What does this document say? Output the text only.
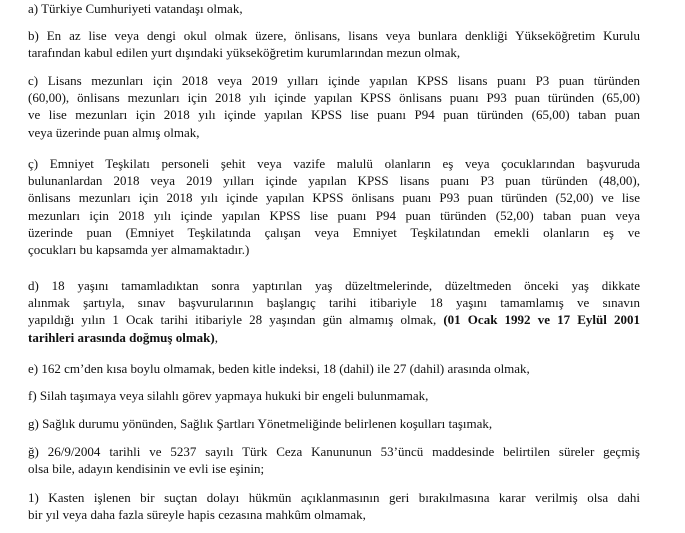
a) Türkiye Cumhuriyeti vatandaşı olmak,
b) En az lise veya dengi okul olmak üzere, önlisans, lisans veya bunlara denkliği Yükseköğretim Kurulu
tarafından kabul edilen yurt dışındaki yükseköğretim kurumlarından mezun olmak,
c) Lisans mezunları için 2018 veya 2019 yılları içinde yapılan KPSS lisans puanı P3 puan türünden
(60,00), önlisans mezunları için 2018 yılı içinde yapılan KPSS önlisans puanı P93 puan türünden (65,00)
ve lise mezunları için 2018 yılı içinde yapılan KPSS lise puanı P94 puan türünden (65,00) taban puan
veya üzerinde puan almış olmak,
ç) Emniyet Teşkilatı personeli şehit veya vazife malulü olanların eş veya çocuklarından başvuruda
bulunanlardan 2018 veya 2019 yılları içinde yapılan KPSS lisans puanı P3 puan türünden (48,00),
önlisans mezunları için 2018 yılı içinde yapılan KPSS önlisans puanı P93 puan türünden (52,00) ve lise
mezunları için 2018 yılı içinde yapılan KPSS lise puanı P94 puan türünden (52,00) taban puan veya
üzerinde puan (Emniyet Teşkilatında çalışan veya Emniyet Teşkilatından emekli olanların eş ve
çocukları bu kapsamda yer almamaktadır.)
d) 18 yaşını tamamladıktan sonra yaptırılan yaş düzeltmelerinde, düzeltmeden önceki yaş dikkate
alınmak şartıyla, sınav başvurularının başlangıç tarihi itibariyle 18 yaşını tamamlamış ve sınavın
yapıldığı yılın 1 Ocak tarihi itibariyle 28 yaşından gün almamış olmak, (01 Ocak 1992 ve 17 Eylül 2001
tarihleri arasında doğmuş olmak),
e) 162 cm’den kısa boylu olmamak, beden kitle indeksi, 18 (dahil) ile 27 (dahil) arasında olmak,
f) Silah taşımaya veya silahlı görev yapmaya hukuki bir engeli bulunmamak,
g) Sağlık durumu yönünden, Sağlık Şartları Yönetmeliğinde belirlenen koşulları taşımak,
ğ) 26/9/2004 tarihli ve 5237 sayılı Türk Ceza Kanununun 53’üncü maddesinde belirtilen süreler geçmiş
olsa bile, adayın kendisinin ve evli ise eşinin;
1) Kasten işlenen bir suçtan dolayı hükmün açıklanmasının geri bırakılmasına karar verilmiş olsa dahi
bir yıl veya daha fazla süreyle hapis cezasına mahkûm olmamak,
